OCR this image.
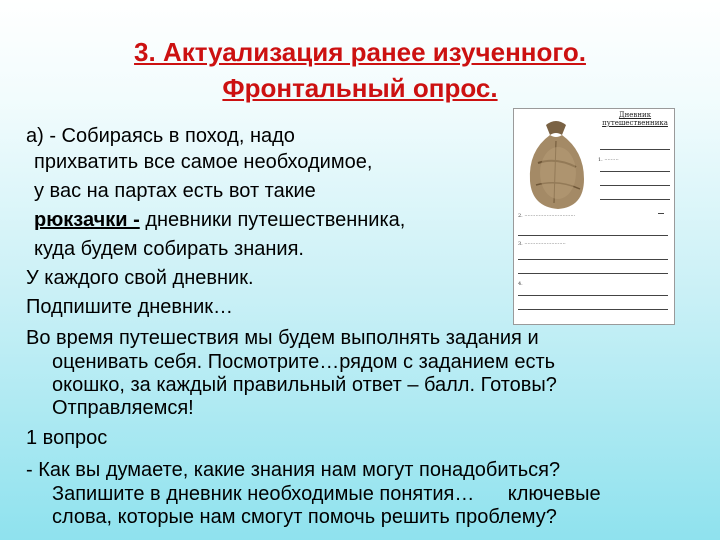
3. Актуализация ранее изученного.
Фронтальный опрос.
Дневник путешественника
1. ·········
2. ································
3. ··························
4.
а) - Собираясь в поход, надо
прихватить все самое необходимое,
у вас на партах есть вот такие
рюкзачки - дневники путешественника,
куда будем собирать знания.
У каждого свой дневник.
Подпишите дневник…
Во время путешествия мы будем выполнять задания и
оценивать себя. Посмотрите…рядом с заданием есть
окошко, за каждый правильный ответ – балл. Готовы?
Отправляемся!
1 вопрос
- Как вы думаете, какие знания нам могут понадобиться?
Запишите в дневник необходимые понятия…      ключевые
слова, которые нам смогут помочь решить проблему?
